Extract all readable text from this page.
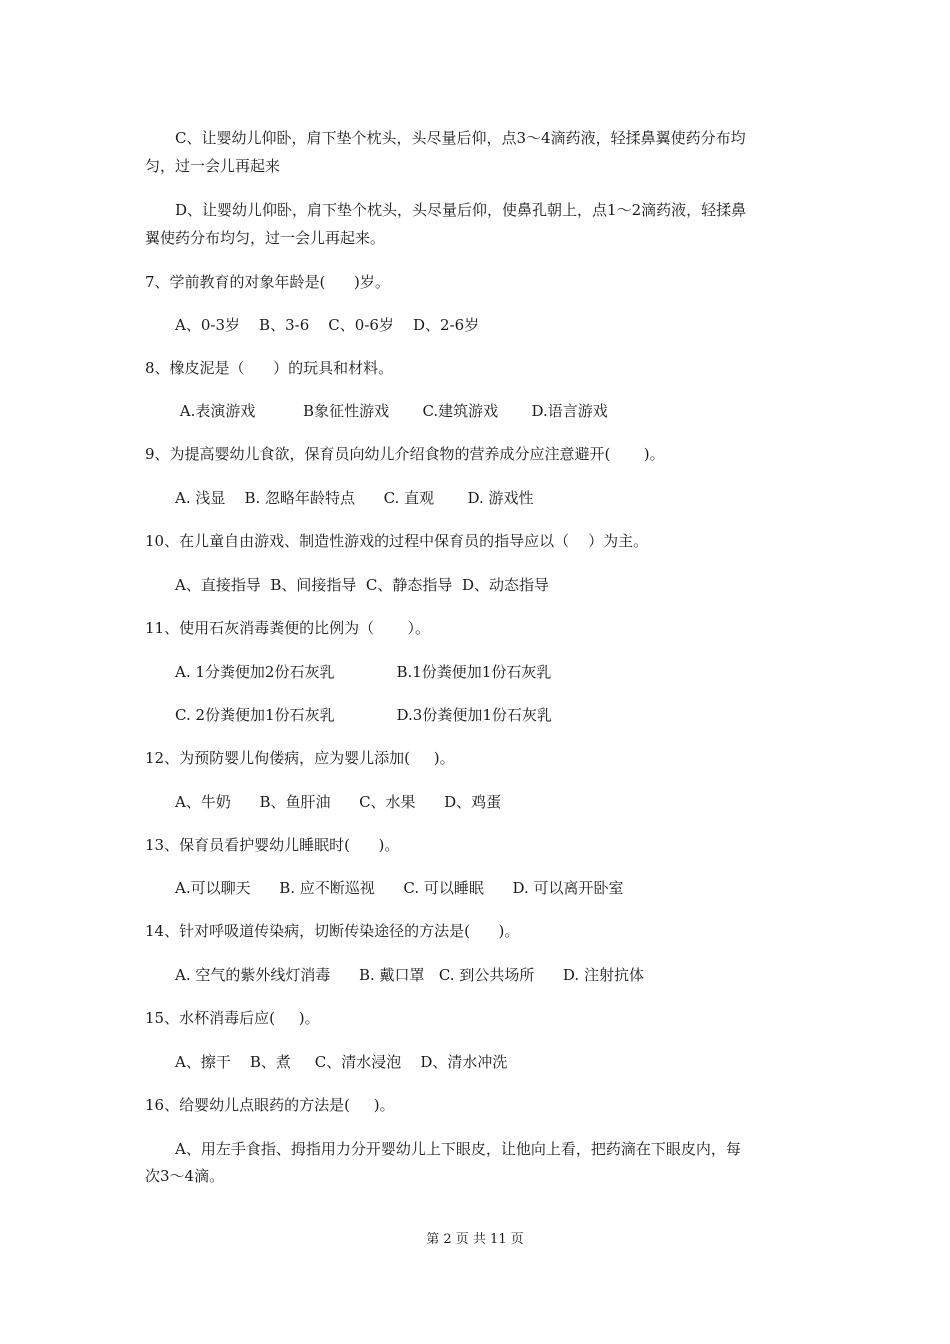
C、让婴幼儿仰卧，肩下垫个枕头，头尽量后仰，点3～4滴药液，轻揉鼻翼使药分布均
匀，过一会儿再起来
D、让婴幼儿仰卧，肩下垫个枕头，头尽量后仰，使鼻孔朝上，点1～2滴药液，轻揉鼻
翼使药分布均匀，过一会儿再起来。
7、学前教育的对象年龄是(      )岁。
A、0-3岁    B、3-6    C、0-6岁    D、2-6岁
8、橡皮泥是（      ）的玩具和材料。
A.表演游戏          B象征性游戏       C.建筑游戏       D.语言游戏
9、为提高婴幼儿食欲，保育员向幼儿介绍食物的营养成分应注意避开(       )。
A. 浅显    B. 忽略年龄特点      C. 直观       D. 游戏性
10、在儿童自由游戏、制造性游戏的过程中保育员的指导应以（    ）为主。
A、直接指导  B、间接指导  C、静态指导  D、动态指导
11、使用石灰消毒粪便的比例为（       ）。
A. 1分粪便加2份石灰乳             B.1份粪便加1份石灰乳
C. 2份粪便加1份石灰乳             D.3份粪便加1份石灰乳
12、为预防婴儿佝偻病，应为婴儿添加(     )。
A、牛奶      B、鱼肝油      C、水果      D、鸡蛋
13、保育员看护婴幼儿睡眠时(      )。
A.可以聊天      B. 应不断巡视      C. 可以睡眠      D. 可以离开卧室
14、针对呼吸道传染病，切断传染途径的方法是(      )。
A. 空气的紫外线灯消毒      B. 戴口罩   C. 到公共场所      D. 注射抗体
15、水杯消毒后应(     )。
A、擦干    B、煮     C、清水浸泡    D、清水冲洗
16、给婴幼儿点眼药的方法是(     )。
A、用左手食指、拇指用力分开婴幼儿上下眼皮，让他向上看，把药滴在下眼皮内，每
次3～4滴。
第 2 页 共 11 页
